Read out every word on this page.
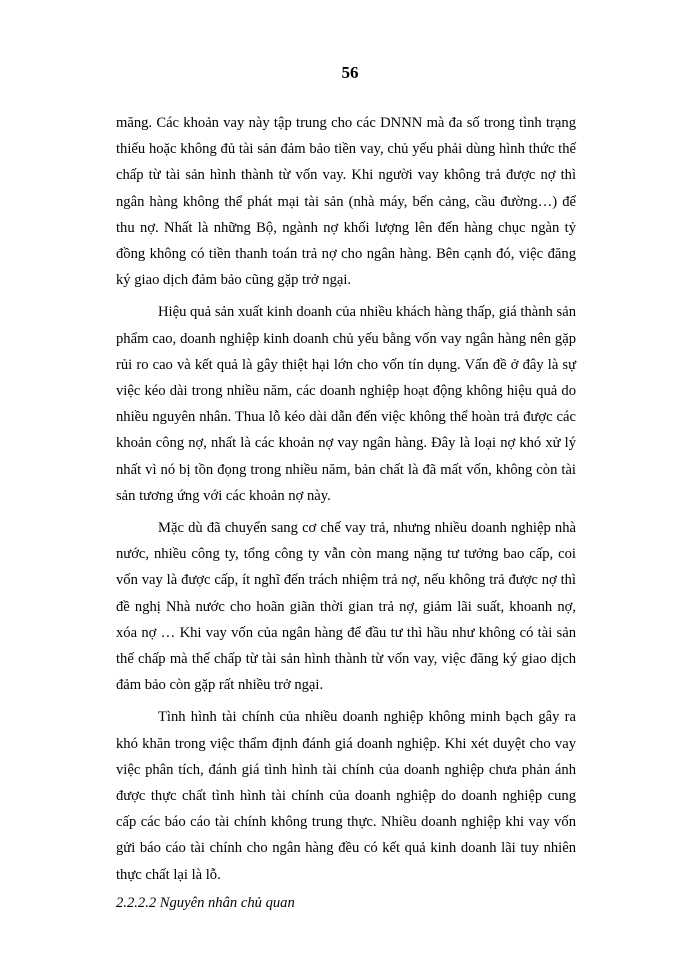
56

măng. Các khoản vay này tập trung cho các DNNN mà đa số trong tình trạng thiếu hoặc không đủ tài sản đảm bảo tiền vay, chủ yếu phải dùng hình thức thế chấp từ tài sản hình thành từ vốn vay. Khi người vay không trả được nợ thì ngân hàng không thể phát mại tài sản (nhà máy, bến cảng, cầu đường…) để thu nợ. Nhất là những Bộ, ngành nợ khối lượng lên đến hàng chục ngàn tỷ đồng không có tiền thanh toán trả nợ cho ngân hàng. Bên cạnh đó, việc đăng ký giao dịch đảm bảo cũng gặp trở ngại.

Hiệu quả sản xuất kinh doanh của nhiều khách hàng thấp, giá thành sản phẩm cao, doanh nghiệp kinh doanh chủ yếu bằng vốn vay ngân hàng nên gặp rủi ro cao và kết quả là gây thiệt hại lớn cho vốn tín dụng. Vấn đề ở đây là sự việc kéo dài trong nhiều năm, các doanh nghiệp hoạt động không hiệu quả do nhiều nguyên nhân. Thua lỗ kéo dài dẫn đến việc không thể hoàn trả được các khoản công nợ, nhất là các khoản nợ vay ngân hàng. Đây là loại nợ khó xử lý nhất vì nó bị tồn đọng trong nhiều năm, bản chất là đã mất vốn, không còn tài sản tương ứng với các khoản nợ này.

Mặc dù đã chuyển sang cơ chế vay trả, nhưng nhiều doanh nghiệp nhà nước, nhiều công ty, tổng công ty vẫn còn mang nặng tư tưởng bao cấp, coi vốn vay là được cấp, ít nghĩ đến trách nhiệm trả nợ, nếu không trả được nợ thì đề nghị Nhà nước cho hoãn giãn thời gian trả nợ, giảm lãi suất, khoanh nợ, xóa nợ … Khi vay vốn của ngân hàng để đầu tư thì hầu như không có tài sản thế chấp mà thế chấp từ tài sản hình thành từ vốn vay, việc đăng ký giao dịch đảm bảo còn gặp rất nhiều trở ngại.

Tình hình tài chính của nhiều doanh nghiệp không minh bạch gây ra khó khăn trong việc thẩm định đánh giá doanh nghiệp. Khi xét duyệt cho vay việc phân tích, đánh giá tình hình tài chính của doanh nghiệp chưa phản ánh được thực chất tình hình tài chính của doanh nghiệp do doanh nghiệp cung cấp các báo cáo tài chính không trung thực. Nhiều doanh nghiệp khi vay vốn gửi báo cáo tài chính cho ngân hàng đều có kết quả kinh doanh lãi tuy nhiên thực chất lại là lỗ.

2.2.2.2 Nguyên nhân chủ quan
